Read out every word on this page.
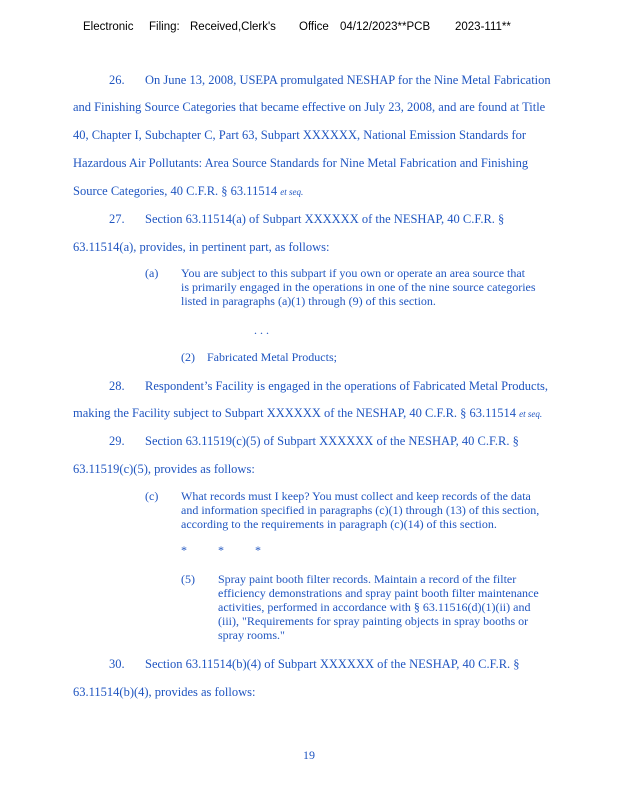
Electronic Filing: Received,Clerk's Office 04/12/2023**PCB 2023-111**
26. On June 13, 2008, USEPA promulgated NESHAP for the Nine Metal Fabrication
and Finishing Source Categories that became effective on July 23, 2008, and are found at Title
40, Chapter I, Subchapter C, Part 63, Subpart XXXXXX, National Emission Standards for
Hazardous Air Pollutants: Area Source Standards for Nine Metal Fabrication and Finishing
Source Categories, 40 C.F.R. § 63.11514 et seq.
27. Section 63.11514(a) of Subpart XXXXXX of the NESHAP, 40 C.F.R. §
63.11514(a), provides, in pertinent part, as follows:
(a) You are subject to this subpart if you own or operate an area source that
is primarily engaged in the operations in one of the nine source categories
listed in paragraphs (a)(1) through (9) of this section.
. . .
(2) Fabricated Metal Products;
28. Respondent’s Facility is engaged in the operations of Fabricated Metal Products,
making the Facility subject to Subpart XXXXXX of the NESHAP, 40 C.F.R. § 63.11514 et seq.
29. Section 63.11519(c)(5) of Subpart XXXXXX of the NESHAP, 40 C.F.R. §
63.11519(c)(5), provides as follows:
(c) What records must I keep? You must collect and keep records of the data
and information specified in paragraphs (c)(1) through (13) of this section,
according to the requirements in paragraph (c)(14) of this section.
*	*	*
(5) Spray paint booth filter records. Maintain a record of the filter
efficiency demonstrations and spray paint booth filter maintenance
activities, performed in accordance with § 63.11516(d)(1)(ii) and
(iii), "Requirements for spray painting objects in spray booths or
spray rooms."
30. Section 63.11514(b)(4) of Subpart XXXXXX of the NESHAP, 40 C.F.R. §
63.11514(b)(4), provides as follows:
19
